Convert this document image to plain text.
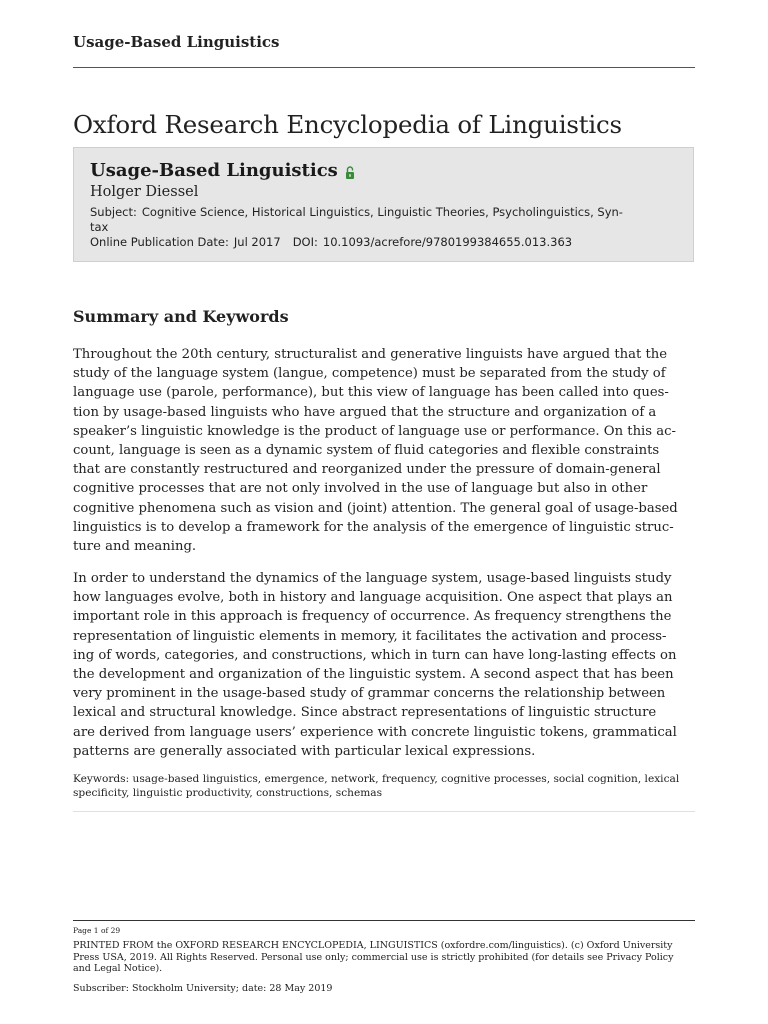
Usage-Based Linguistics
Oxford Research Encyclopedia of Linguistics
Usage-Based Linguistics
Holger Diessel
Subject: Cognitive Science, Historical Linguistics, Linguistic Theories, Psycholinguistics, Syn-
tax
Online Publication Date: Jul 2017 DOI: 10.1093/acrefore/9780199384655.013.363
Summary and Keywords

Throughout the 20th century, structuralist and generative linguists have argued that the
study of the language system (langue, competence) must be separated from the study of
language use (parole, performance), but this view of language has been called into ques-
tion by usage-based linguists who have argued that the structure and organization of a
speaker’s linguistic knowledge is the product of language use or performance. On this ac-
count, language is seen as a dynamic system of fluid categories and flexible constraints
that are constantly restructured and reorganized under the pressure of domain-general
cognitive processes that are not only involved in the use of language but also in other
cognitive phenomena such as vision and (joint) attention. The general goal of usage-based
linguistics is to develop a framework for the analysis of the emergence of linguistic struc-
ture and meaning.

In order to understand the dynamics of the language system, usage-based linguists study
how languages evolve, both in history and language acquisition. One aspect that plays an
important role in this approach is frequency of occurrence. As frequency strengthens the
representation of linguistic elements in memory, it facilitates the activation and process-
ing of words, categories, and constructions, which in turn can have long-lasting effects on
the development and organization of the linguistic system. A second aspect that has been
very prominent in the usage-based study of grammar concerns the relationship between
lexical and structural knowledge. Since abstract representations of linguistic structure
are derived from language users’ experience with concrete linguistic tokens, grammatical
patterns are generally associated with particular lexical expressions.

Keywords: usage-based linguistics, emergence, network, frequency, cognitive processes, social cognition, lexical
specificity, linguistic productivity, constructions, schemas
Page 1 of 29
PRINTED FROM the OXFORD RESEARCH ENCYCLOPEDIA, LINGUISTICS (oxfordre.com/linguistics). (c) Oxford University
Press USA, 2019. All Rights Reserved. Personal use only; commercial use is strictly prohibited (for details see Privacy Policy
and Legal Notice).
Subscriber: Stockholm University; date: 28 May 2019
